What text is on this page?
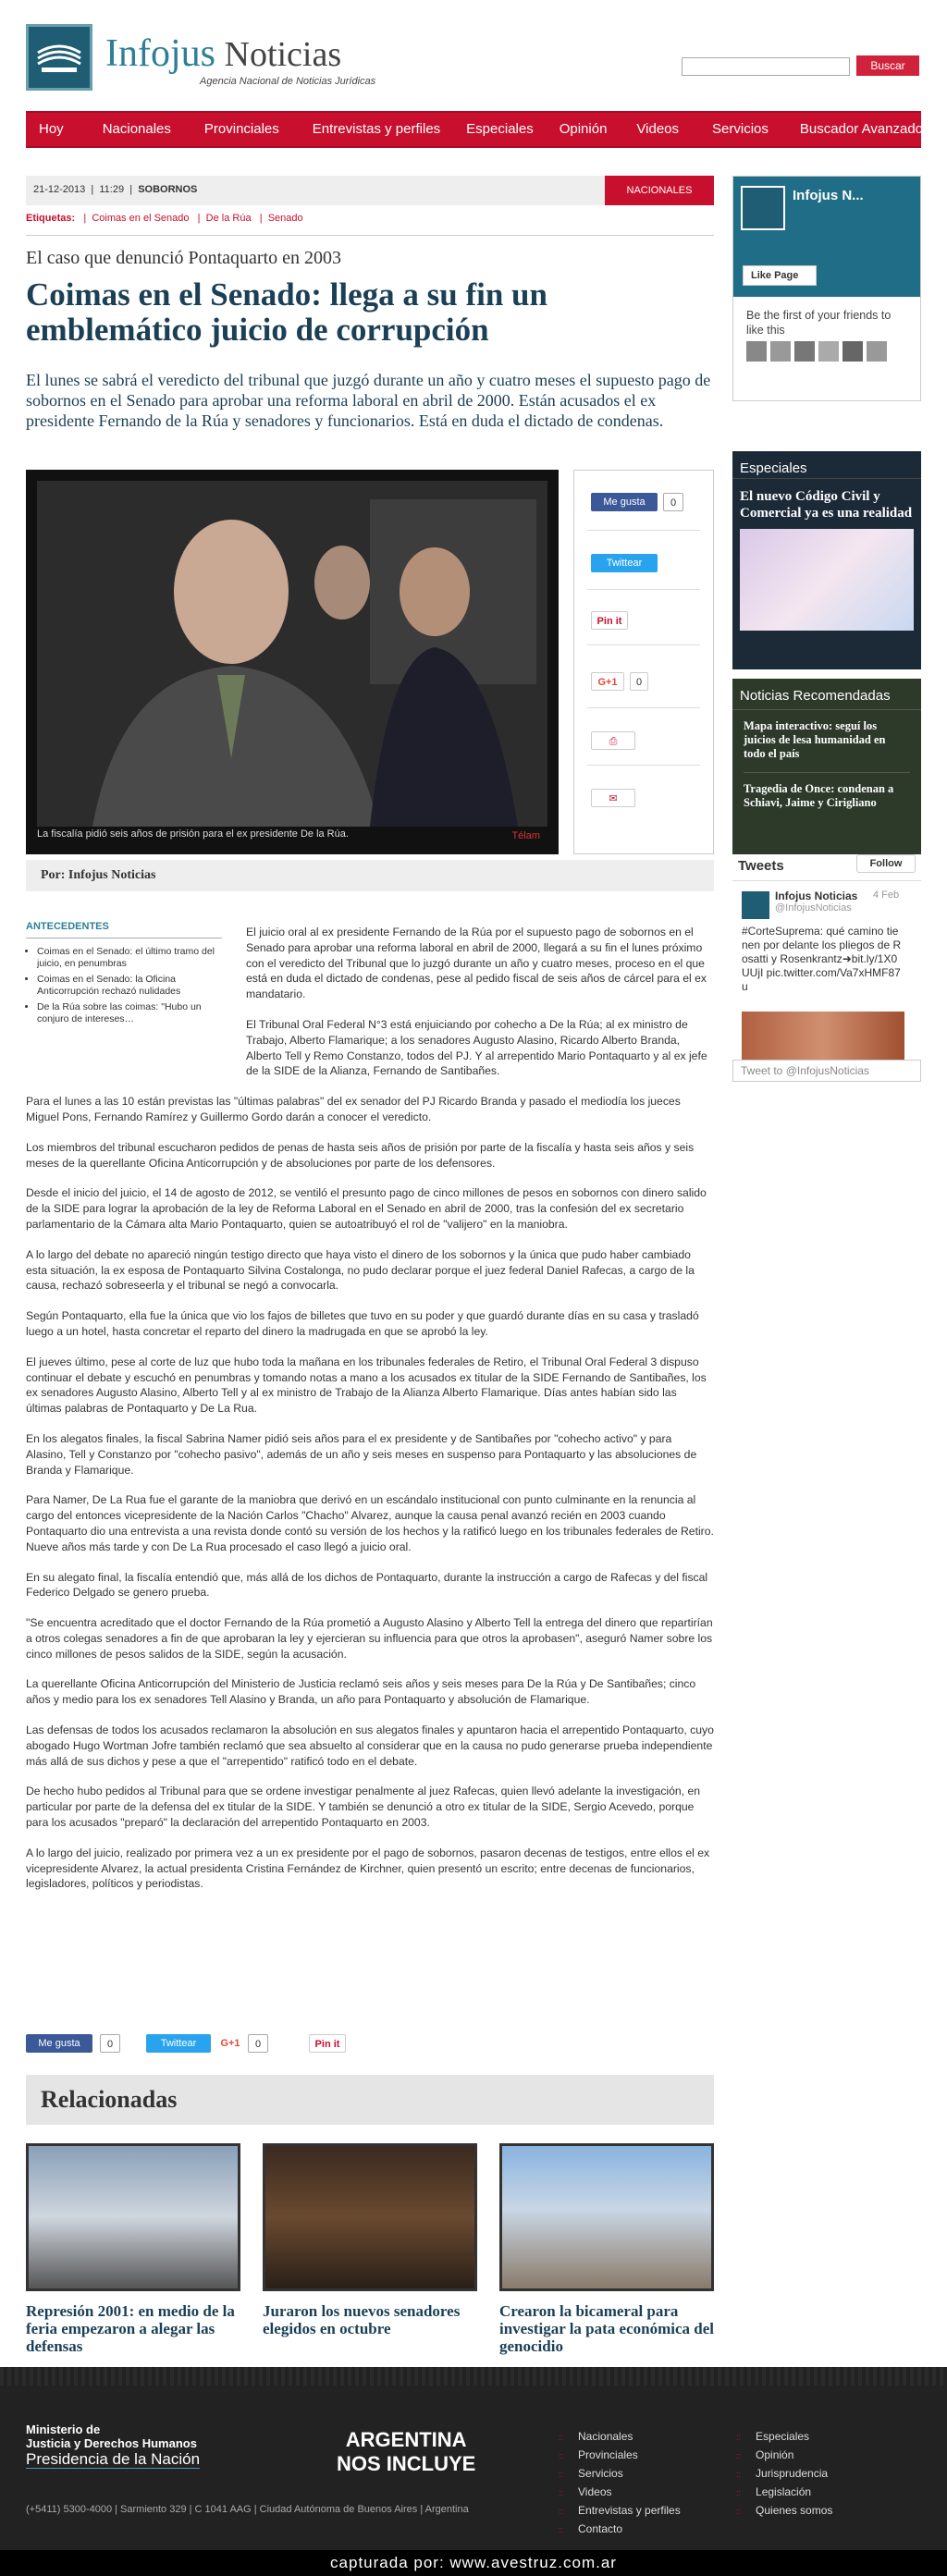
Infojus Noticias
Agencia Nacional de Noticias Jurídicas
Buscar
Hoy	Nacionales	Provinciales	Entrevistas y perfiles	Especiales	Opinión	Videos	Servicios	Buscador Avanzado
21-12-2013  |  11:29  |  SOBORNOS	NACIONALES
Etiquetas:   |  Coimas en el Senado   |  De la Rúa   |  Senado
El caso que denunció Pontaquarto en 2003
Coimas en el Senado: llega a su fin un emblemático juicio de corrupción
El lunes se sabrá el veredicto del tribunal que juzgó durante un año y cuatro meses el supuesto pago de sobornos en el Senado para aprobar una reforma laboral en abril de 2000. Están acusados el ex presidente Fernando de la Rúa y senadores y funcionarios. Está en duda el dictado de condenas.
La fiscalía pidió seis años de prisión para el ex presidente De la Rúa.	Télam
Me gusta	0
Twittear
Pin it
G+1	0
⎙
✉
Por: Infojus Noticias
ANTECEDENTES
• Coimas en el Senado: el último tramo del juicio, en penumbras
• Coimas en el Senado: la Oficina Anticorrupción rechazó nulidades
• De la Rúa sobre las coimas: "Hubo un conjuro de intereses…

El juicio oral al ex presidente Fernando de la Rúa por el supuesto pago de sobornos en el Senado para aprobar una reforma laboral en abril de 2000, llegará a su fin el lunes próximo con el veredicto del Tribunal que lo juzgó durante un año y cuatro meses, proceso en el que está en duda el dictado de condenas, pese al pedido fiscal de seis años de cárcel para el ex mandatario.

El Tribunal Oral Federal N°3 está enjuiciando por cohecho a De la Rúa; al ex ministro de Trabajo, Alberto Flamarique; a los senadores Augusto Alasino, Ricardo Alberto Branda, Alberto Tell y Remo Constanzo, todos del PJ. Y al arrepentido Mario Pontaquarto y al ex jefe de la SIDE de la Alianza, Fernando de Santibañes.

Para el lunes a las 10 están previstas las "últimas palabras" del ex senador del PJ Ricardo Branda y pasado el mediodía los jueces Miguel Pons, Fernando Ramírez y Guillermo Gordo darán a conocer el veredicto.

Los miembros del tribunal escucharon pedidos de penas de hasta seis años de prisión por parte de la fiscalía y hasta seis años y seis meses de la querellante Oficina Anticorrupción y de absoluciones por parte de los defensores.

Desde el inicio del juicio, el 14 de agosto de 2012, se ventiló el presunto pago de cinco millones de pesos en sobornos con dinero salido de la SIDE para lograr la aprobación de la ley de Reforma Laboral en el Senado en abril de 2000, tras la confesión del ex secretario parlamentario de la Cámara alta Mario Pontaquarto, quien se autoatribuyó el rol de "valijero" en la maniobra.

A lo largo del debate no apareció ningún testigo directo que haya visto el dinero de los sobornos y la única que pudo haber cambiado esta situación, la ex esposa de Pontaquarto Silvina Costalonga, no pudo declarar porque el juez federal Daniel Rafecas, a cargo de la causa, rechazó sobreseerla y el tribunal se negó a convocarla.

Según Pontaquarto, ella fue la única que vio los fajos de billetes que tuvo en su poder y que guardó durante días en su casa y trasladó luego a un hotel, hasta concretar el reparto del dinero la madrugada en que se aprobó la ley.

El jueves último, pese al corte de luz que hubo toda la mañana en los tribunales federales de Retiro, el Tribunal Oral Federal 3 dispuso continuar el debate y escuchó en penumbras y tomando notas a mano a los acusados ex titular de la SIDE Fernando de Santibañes, los ex senadores Augusto Alasino, Alberto Tell y al ex ministro de Trabajo de la Alianza Alberto Flamarique. Días antes habían sido las últimas palabras de Pontaquarto y De La Rua.

En los alegatos finales, la fiscal Sabrina Namer pidió seis años para el ex presidente y de Santibañes por "cohecho activo" y para Alasino, Tell y Constanzo por "cohecho pasivo", además de un año y seis meses en suspenso para Pontaquarto y las absoluciones de Branda y Flamarique.

Para Namer, De La Rua fue el garante de la maniobra que derivó en un escándalo institucional con punto culminante en la renuncia al cargo del entonces vicepresidente de la Nación Carlos "Chacho" Alvarez, aunque la causa penal avanzó recién en 2003 cuando Pontaquarto dio una entrevista a una revista donde contó su versión de los hechos y la ratificó luego en los tribunales federales de Retiro. Nueve años más tarde y con De La Rua procesado el caso llegó a juicio oral.

En su alegato final, la fiscalía entendió que, más allá de los dichos de Pontaquarto, durante la instrucción a cargo de Rafecas y del fiscal Federico Delgado se genero prueba.

"Se encuentra acreditado que el doctor Fernando de la Rúa prometió a Augusto Alasino y Alberto Tell la entrega del dinero que repartirían a otros colegas senadores a fin de que aprobaran la ley y ejercieran su influencia para que otros la aprobasen", aseguró Namer sobre los cinco millones de pesos salidos de la SIDE, según la acusación.

La querellante Oficina Anticorrupción del Ministerio de Justicia reclamó seis años y seis meses para De la Rúa y De Santibañes; cinco años y medio para los ex senadores Tell Alasino y Branda, un año para Pontaquarto y absolución de Flamarique.

Las defensas de todos los acusados reclamaron la absolución en sus alegatos finales y apuntaron hacia el arrepentido Pontaquarto, cuyo abogado Hugo Wortman Jofre también reclamó que sea absuelto al considerar que en la causa no pudo generarse prueba independiente más allá de sus dichos y pese a que el "arrepentido" ratificó todo en el debate.

De hecho hubo pedidos al Tribunal para que se ordene investigar penalmente al juez Rafecas, quien llevó adelante la investigación, en particular por parte de la defensa del ex titular de la SIDE. Y también se denunció a otro ex titular de la SIDE, Sergio Acevedo, porque para los acusados "preparó" la declaración del arrepentido Pontaquarto en 2003.

A lo largo del juicio, realizado por primera vez a un ex presidente por el pago de sobornos, pasaron decenas de testigos, entre ellos el ex vicepresidente Alvarez, la actual presidenta Cristina Fernández de Kirchner, quien presentó un escrito; entre decenas de funcionarios, legisladores, políticos y periodistas.

Me gusta	0	Twittear	G+1	0	Pin it
Relacionadas
Represión 2001: en medio de la feria empezaron a alegar las defensas
Juraron los nuevos senadores elegidos en octubre
Crearon la bicameral para investigar la pata económica del genocidio
Infojus N...
Like Page
Be the first of your friends to like this
Especiales
El nuevo Código Civil y Comercial ya es una realidad
Noticias Recomendadas
Mapa interactivo: seguí los juicios de lesa humanidad en todo el país
Tragedia de Once: condenan a Schiavi, Jaime y Cirigliano
Tweets	Follow
Infojus Noticias 4 Feb
@InfojusNoticias
#CorteSuprema: qué camino tienen por delante los pliegos de Rosatti y Rosenkrantz➜bit.ly/1X0UUjI pic.twitter.com/Va7xHMF87u
Tweet to @InfojusNoticias
Ministerio de
Justicia y Derechos Humanos
Presidencia de la Nación
ARGENTINA
NOS INCLUYE
(+5411) 5300-4000 | Sarmiento 329 | C 1041 AAG | Ciudad Autónoma de Buenos Aires | Argentina
:: Nacionales
:: Provinciales
:: Servicios
:: Videos
:: Entrevistas y perfiles
:: Contacto
:: Especiales
:: Opinión
:: Jurisprudencia
:: Legislación
:: Quienes somos
capturada por: www.avestruz.com.ar
